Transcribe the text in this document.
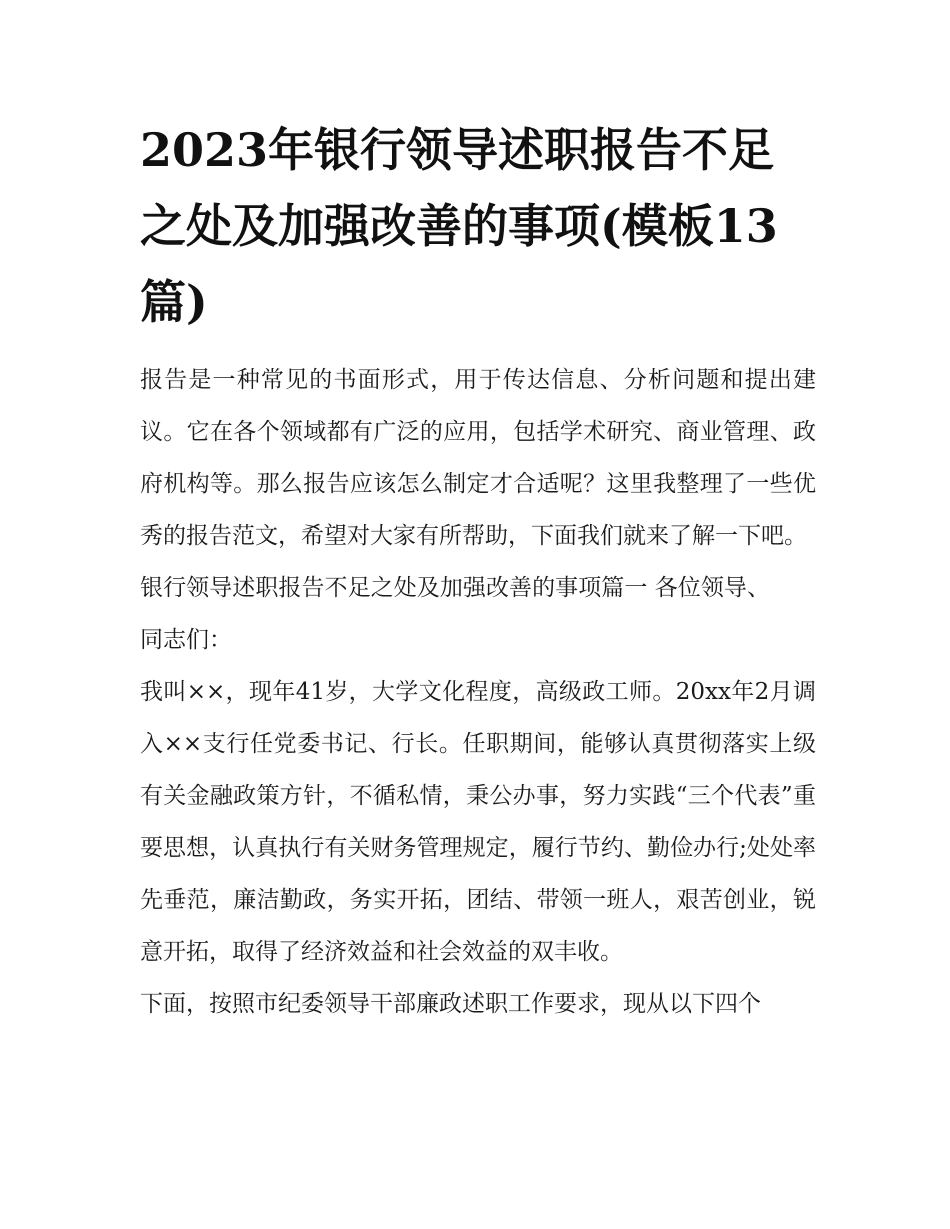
2023年银行领导述职报告不足之处及加强改善的事项(模板13篇)

报告是一种常见的书面形式，用于传达信息、分析问题和提出建议。它在各个领域都有广泛的应用，包括学术研究、商业管理、政府机构等。那么报告应该怎么制定才合适呢？这里我整理了一些优秀的报告范文，希望对大家有所帮助，下面我们就来了解一下吧。

银行领导述职报告不足之处及加强改善的事项篇一 各位领导、同志们：

我叫××，现年41岁，大学文化程度，高级政工师。20xx年2月调入××支行任党委书记、行长。任职期间，能够认真贯彻落实上级有关金融政策方针，不循私情，秉公办事，努力实践“三个代表”重要思想，认真执行有关财务管理规定，履行节约、勤俭办行;处处率先垂范，廉洁勤政，务实开拓，团结、带领一班人，艰苦创业，锐意开拓，取得了经济效益和社会效益的双丰收。

下面，按照市纪委领导干部廉政述职工作要求，现从以下四个
